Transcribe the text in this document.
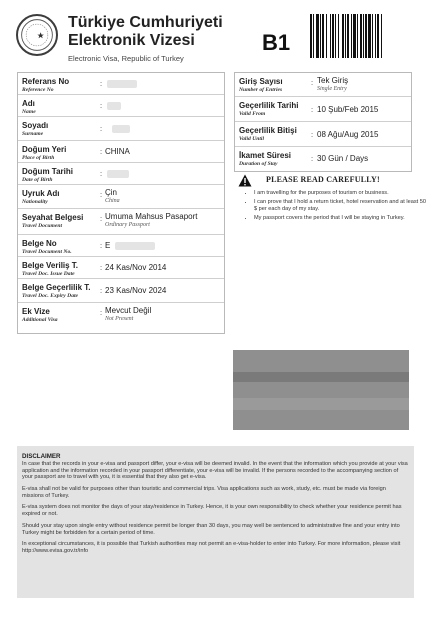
Türkiye Cumhuriyeti
Elektronik Vizesi
Electronic Visa, Republic of Turkey
B1
Referans No
Reference No
:
Adı
Name
:
Soyadı
Surname
:
Doğum Yeri
Place of Birth
: CHINA
Doğum Tarihi
Date of Birth
:
Uyruk Adı
Nationality
: Çin
China
Seyahat Belgesi
Travel Document
: Umuma Mahsus Pasaport
Ordinary Passport
Belge No
Travel Document No.
: E
Belge Veriliş T.
Travel Doc. Issue Date
: 24 Kas/Nov 2014
Belge Geçerlilik T.
Travel Doc. Expiry Date
: 23 Kas/Nov 2024
Ek Vize
Additional Visa
: Mevcut Değil
Not Present
Giriş Sayısı
Number of Entries
: Tek Giriş
Single Entry
Geçerlilik Tarihi
Valid From	: 10 Şub/Feb 2015
Geçerlilik Bitişi
Valid Until	: 08 Ağu/Aug 2015
İkamet Süresi
Duration of Stay
: 30 Gün / Days
PLEASE READ CAREFULLY!
• I am travelling for the purposes of tourism or business.
• I can prove that I hold a return ticket, hotel reservation and at least 50 $ per each day of my stay.
• My passport covers the period that I will be staying in Turkey.
DISCLAIMER

In case that the records in your e-visa and passport differ, your e-visa will be deemed invalid. In the event that the information which you provide at your visa application and the information recorded in your passport differentiate, your e-visa will be invalid. If the persons recorded to the accompanying section of your passport are to travel with you, it is essential that they also get e-visa.

E-visa shall not be valid for purposes other than touristic and commercial trips. Visa applications such as work, study, etc. must be made via foreign missions of Turkey.

E-visa system does not monitor the days of your stay/residence in Turkey. Hence, it is your own responsibility to check whether your residence permit has expired or not.

Should your stay upon single entry without residence permit be longer than 30 days, you may well be sentenced to administrative fine and your entry into Turkey might be forbidden for a certain period of time.

In exceptional circumstances, it is possible that Turkish authorities may not permit an e-visa-holder to enter into Turkey. For more information, please visit http://www.evisa.gov.tr/info
